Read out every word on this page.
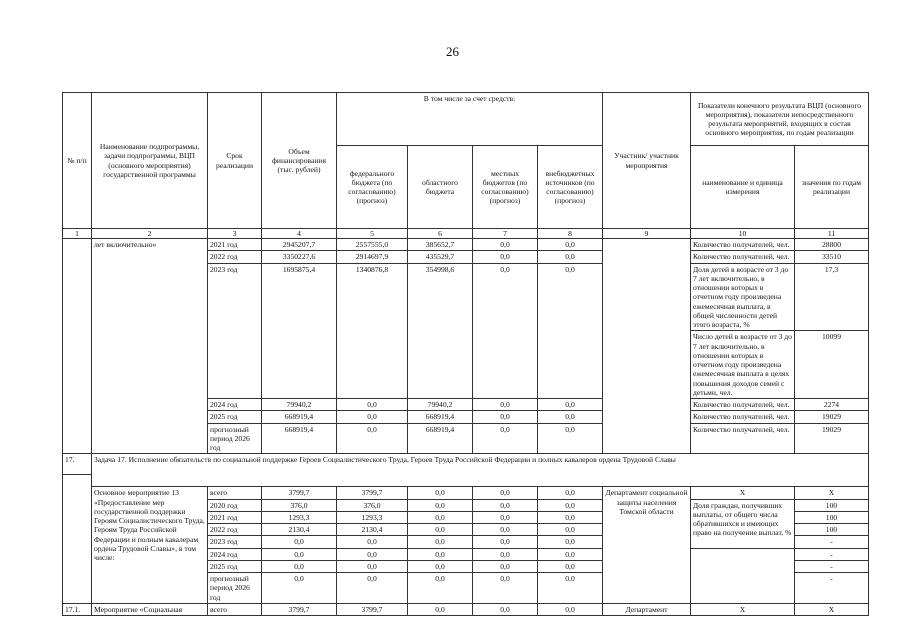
26
№ п/п	Наименование подпрограммы, задачи подпрограммы, ВЦП (основного мероприятия) государственной программы	Срок реализации	Объем финансирования (тыс. рублей)	В том числе за счет средств:				Участник/ участник мероприятия	Показатели конечного результата ВЦП (основного мероприятия), показатели непосредственного результата мероприятий, входящих в состав основного мероприятия, по годам реализации	
				федерального бюджета (по согласованию) (прогноз)	областного бюджета	местных бюджетов (по согласованию) (прогноз)	внебюджетных источников (по согласованию) (прогноз)		наименование и единица измерения	значения по годам реализации
1	2	3	4	5	6	7	8	9	10	11
	лет включительно»	2021 год	2945207,7	2557555,0	385652,7	0,0	0,0		Количество получателей, чел.	28800
		2022 год	3350227,6	2914697,9	435529,7	0,0	0,0		Количество получателей, чел.	33510
		2023 год	1695875,4	1340876,8	354998,6	0,0	0,0		Доля детей в возрасте от 3 до 7 лет включительно, в отношении которых в отчетном году произведена ежемесячная выплата, в общей численности детей этого возраста, %	17,3
									Число детей в возрасте от 3 до 7 лет включительно, в отношении которых в отчетном году произведена ежемесячная выплата в целях повышения доходов семей с детьми, чел.	10099
		2024 год	79940,2	0,0	79940,2	0,0	0,0		Количество получателей, чел.	2274
		2025 год	668919,4	0,0	668919,4	0,0	0,0		Количество получателей, чел.	19029
		прогнозный период 2026 год	668919,4	0,0	668919,4	0,0	0,0		Количество получателей, чел.	19029
17.	Задача 17. Исполнение обязательств по социальной поддержке Героев Социалистического Труда, Героев Труда Российской Федерации и полных кавалеров ордена Трудовой Славы									

	Основное мероприятие 13 «Предоставление мер государственной поддержки Героям Социалистического Труда, Героям Труда Российской Федерации и полным кавалерам ордена Трудовой Славы», в том числе:	всего	3799,7	3799,7	0,0	0,0	0,0	Департамент социальной защиты населения Томской области	X	X
		2020 год	376,0	376,0	0,0	0,0	0,0		Доля граждан, получивших выплаты, от общего числа обратившихся и имеющих право на получение выплат, %	100
		2021 год	1293,3	1293,3	0,0	0,0	0,0			100
		2022 год	2130,4	2130,4	0,0	0,0	0,0			100
		2023 год	0,0	0,0	0,0	0,0	0,0			-
		2024 год	0,0	0,0	0,0	0,0	0,0			-
		2025 год	0,0	0,0	0,0	0,0	0,0			-
		прогнозный период 2026 год	0,0	0,0	0,0	0,0	0,0			-
17.1.	Мероприятие «Социальная	всего	3799,7	3799,7	0,0	0,0	0,0	Департамент	X	X
